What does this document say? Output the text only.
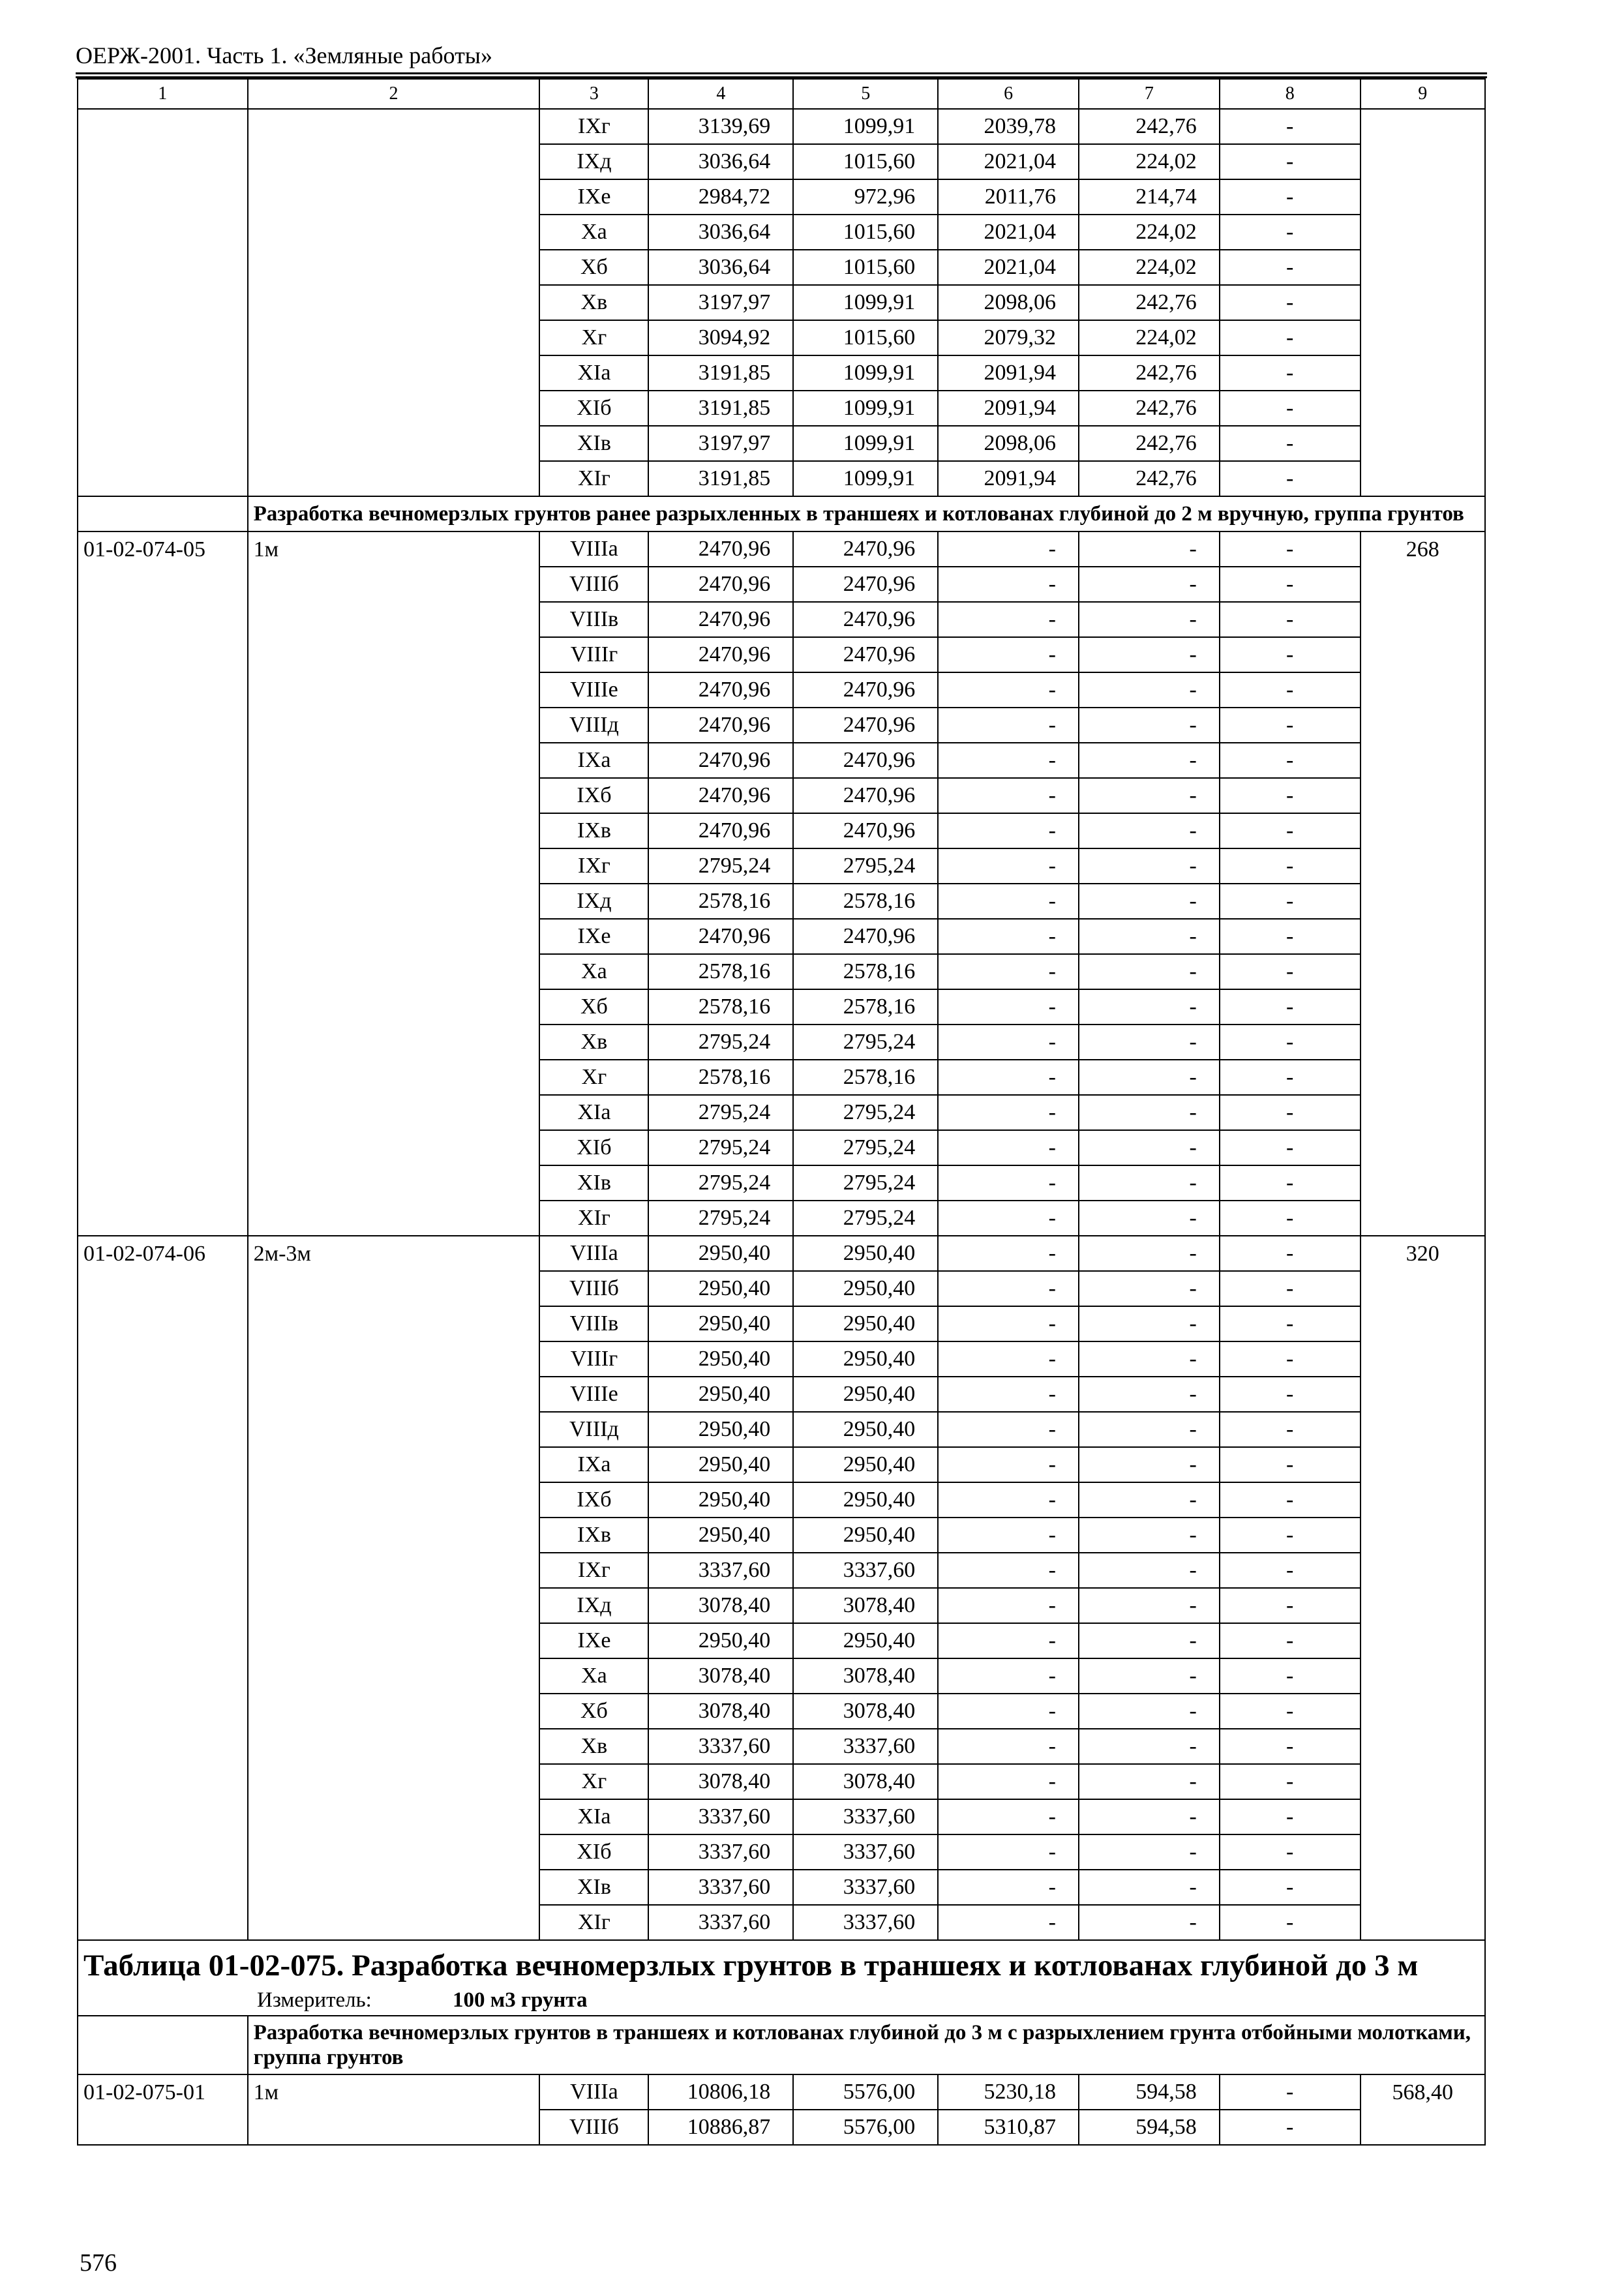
ОЕРЖ-2001. Часть 1. «Земляные работы»
1	2	3	4	5	6	7	8	9
		IXг	3139,69	1099,91	2039,78	242,76	-	
		IXд	3036,64	1015,60	2021,04	224,02	-	
		IXе	2984,72	972,96	2011,76	214,74	-	
		Xа	3036,64	1015,60	2021,04	224,02	-	
		Xб	3036,64	1015,60	2021,04	224,02	-	
		Xв	3197,97	1099,91	2098,06	242,76	-	
		Xг	3094,92	1015,60	2079,32	224,02	-	
		XIа	3191,85	1099,91	2091,94	242,76	-	
		XIб	3191,85	1099,91	2091,94	242,76	-	
		XIв	3197,97	1099,91	2098,06	242,76	-	
		XIг	3191,85	1099,91	2091,94	242,76	-	
	Разработка вечномерзлых грунтов ранее разрыхленных в траншеях и котлованах глубиной до 2 м вручную, группа грунтов							
01-02-074-05	1м	VIIIа	2470,96	2470,96	-	-	-	268
		VIIIб	2470,96	2470,96	-	-	-	
		VIIIв	2470,96	2470,96	-	-	-	
		VIIIг	2470,96	2470,96	-	-	-	
		VIIIе	2470,96	2470,96	-	-	-	
		VIIIд	2470,96	2470,96	-	-	-	
		IXа	2470,96	2470,96	-	-	-	
		IXб	2470,96	2470,96	-	-	-	
		IXв	2470,96	2470,96	-	-	-	
		IXг	2795,24	2795,24	-	-	-	
		IXд	2578,16	2578,16	-	-	-	
		IXе	2470,96	2470,96	-	-	-	
		Xа	2578,16	2578,16	-	-	-	
		Xб	2578,16	2578,16	-	-	-	
		Xв	2795,24	2795,24	-	-	-	
		Xг	2578,16	2578,16	-	-	-	
		XIа	2795,24	2795,24	-	-	-	
		XIб	2795,24	2795,24	-	-	-	
		XIв	2795,24	2795,24	-	-	-	
		XIг	2795,24	2795,24	-	-	-	
01-02-074-06	2м-3м	VIIIа	2950,40	2950,40	-	-	-	320
		VIIIб	2950,40	2950,40	-	-	-	
		VIIIв	2950,40	2950,40	-	-	-	
		VIIIг	2950,40	2950,40	-	-	-	
		VIIIе	2950,40	2950,40	-	-	-	
		VIIIд	2950,40	2950,40	-	-	-	
		IXа	2950,40	2950,40	-	-	-	
		IXб	2950,40	2950,40	-	-	-	
		IXв	2950,40	2950,40	-	-	-	
		IXг	3337,60	3337,60	-	-	-	
		IXд	3078,40	3078,40	-	-	-	
		IXе	2950,40	2950,40	-	-	-	
		Xа	3078,40	3078,40	-	-	-	
		Xб	3078,40	3078,40	-	-	-	
		Xв	3337,60	3337,60	-	-	-	
		Xг	3078,40	3078,40	-	-	-	
		XIа	3337,60	3337,60	-	-	-	
		XIб	3337,60	3337,60	-	-	-	
		XIв	3337,60	3337,60	-	-	-	
		XIг	3337,60	3337,60	-	-	-	
Таблица 01-02-075. Разработка вечномерзлых грунтов в траншеях и котлованах глубиной до 3 м								
Измеритель: 100 м3 грунта								
	Разработка вечномерзлых грунтов в траншеях и котлованах глубиной до 3 м с разрыхлением грунта отбойными молотками, группа грунтов							
01-02-075-01	1м	VIIIа	10806,18	5576,00	5230,18	594,58	-	568,40
		VIIIб	10886,87	5576,00	5310,87	594,58	-	
576
